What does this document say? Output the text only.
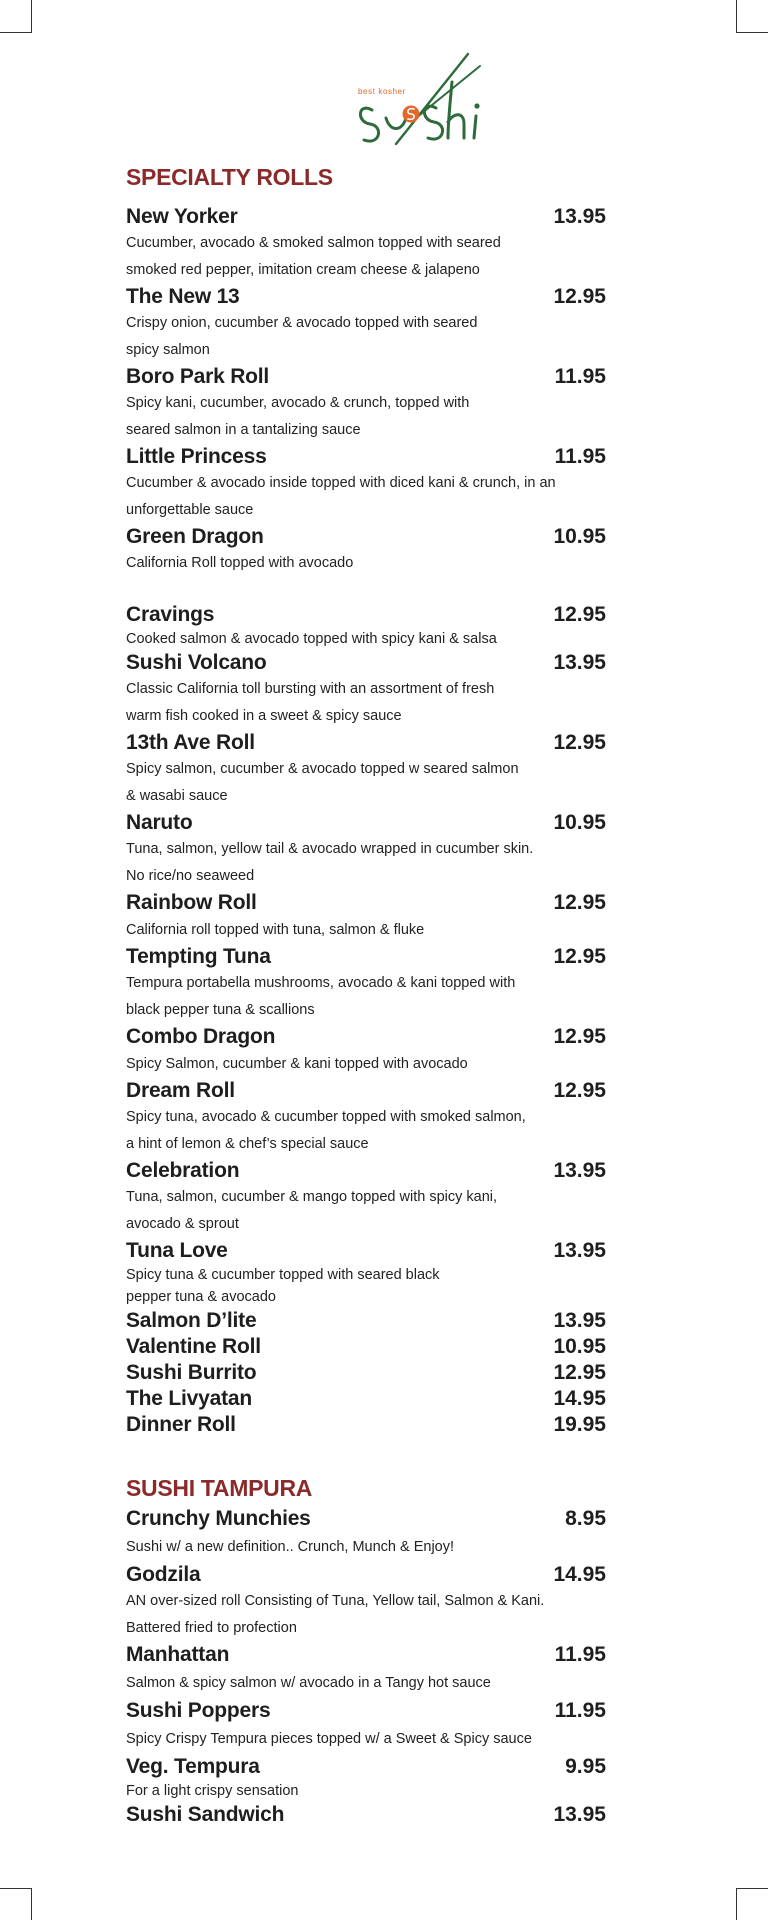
best kosher
SPECIALTY ROLLS
New Yorker	13.95

Cucumber, avocado & smoked salmon topped with seared

smoked red pepper, imitation cream cheese & jalapeno

The New 13	12.95

Crispy onion, cucumber & avocado topped with seared

spicy salmon

Boro Park Roll	11.95

Spicy kani, cucumber, avocado & crunch, topped with

seared salmon in a tantalizing sauce

Little Princess	11.95

Cucumber & avocado inside topped with diced kani & crunch, in an

unforgettable sauce

Green Dragon	10.95

California Roll topped with avocado

Cravings	12.95

Cooked salmon & avocado topped with spicy kani & salsa

Sushi Volcano	13.95

Classic California toll bursting with an assortment of fresh

warm fish cooked in a sweet & spicy sauce

13th Ave Roll	12.95

Spicy salmon, cucumber & avocado topped w seared salmon

& wasabi sauce

Naruto	10.95

Tuna, salmon, yellow tail & avocado wrapped in cucumber skin.

No rice/no seaweed

Rainbow Roll	12.95

California roll topped with tuna, salmon & fluke

Tempting Tuna	12.95

Tempura portabella mushrooms, avocado & kani topped with

black pepper tuna & scallions

Combo Dragon	12.95

Spicy Salmon, cucumber & kani topped with avocado

Dream Roll	12.95

Spicy tuna, avocado & cucumber topped with smoked salmon,

a hint of lemon & chef’s special sauce

Celebration	13.95

Tuna, salmon, cucumber & mango topped with spicy kani,

avocado & sprout

Tuna Love	13.95

Spicy tuna & cucumber topped with seared black

pepper tuna & avocado

Salmon D’lite	13.95
Valentine Roll	10.95
Sushi Burrito	12.95
The Livyatan	14.95
Dinner Roll	19.95
SUSHI TAMPURA
Crunchy Munchies	8.95

Sushi w/ a new definition.. Crunch, Munch & Enjoy!

Godzila	14.95

AN over-sized roll Consisting of Tuna, Yellow tail, Salmon & Kani.

Battered fried to profection

Manhattan	11.95

Salmon & spicy salmon w/ avocado in a Tangy hot sauce

Sushi Poppers	11.95

Spicy Crispy Tempura pieces topped w/ a Sweet & Spicy sauce

Veg. Tempura	9.95

For a light crispy sensation

Sushi Sandwich	13.95
